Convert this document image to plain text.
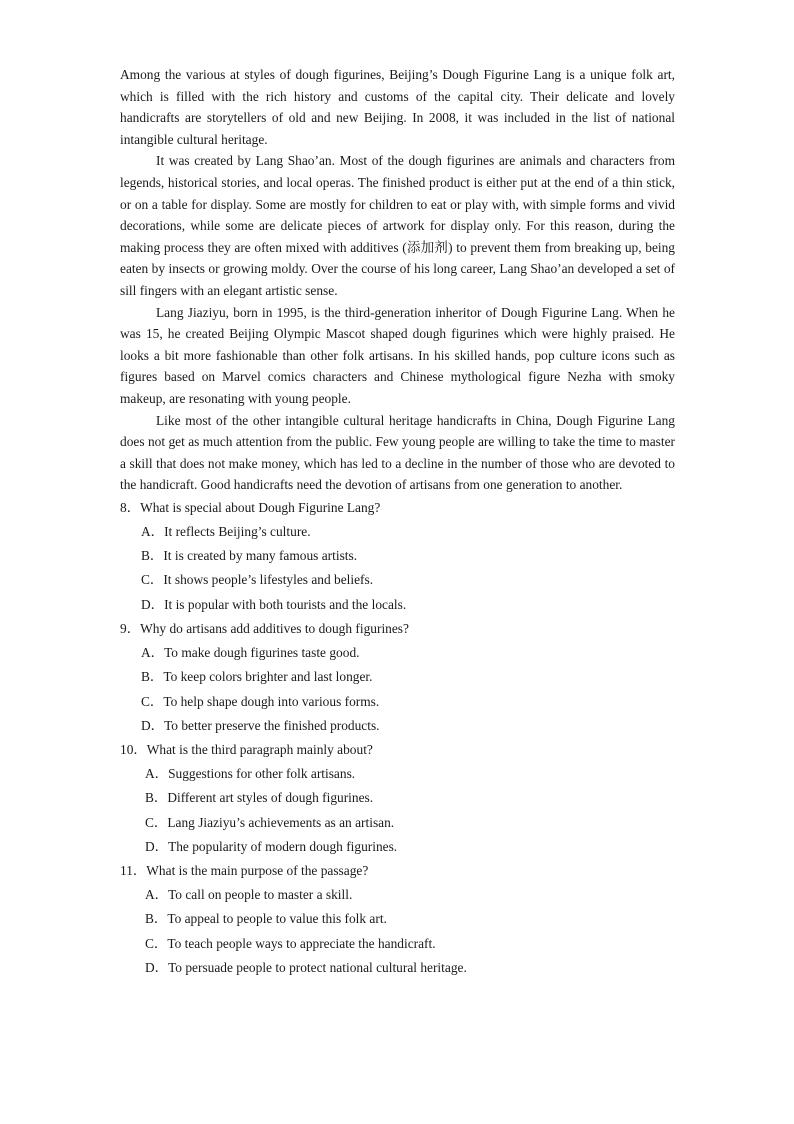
Among the various at styles of dough figurines, Beijing’s Dough Figurine Lang is a unique folk art, which is filled with the rich history and customs of the capital city. Their delicate and lovely handicrafts are storytellers of old and new Beijing. In 2008, it was included in the list of national intangible cultural heritage.

It was created by Lang Shao’an. Most of the dough figurines are animals and characters from legends, historical stories, and local operas. The finished product is either put at the end of a thin stick, or on a table for display. Some are mostly for children to eat or play with, with simple forms and vivid decorations, while some are delicate pieces of artwork for display only. For this reason, during the making process they are often mixed with additives (添加剂) to prevent them from breaking up, being eaten by insects or growing moldy. Over the course of his long career, Lang Shao’an developed a set of sill fingers with an elegant artistic sense.

Lang Jiaziyu, born in 1995, is the third-generation inheritor of Dough Figurine Lang. When he was 15, he created Beijing Olympic Mascot shaped dough figurines which were highly praised. He looks a bit more fashionable than other folk artisans. In his skilled hands, pop culture icons such as figures based on Marvel comics characters and Chinese mythological figure Nezha with smoky makeup, are resonating with young people.

Like most of the other intangible cultural heritage handicrafts in China, Dough Figurine Lang does not get as much attention from the public. Few young people are willing to take the time to master a skill that does not make money, which has led to a decline in the number of those who are devoted to the handicraft. Good handicrafts need the devotion of artisans from one generation to another.

8．What is special about Dough Figurine Lang?

A．It reflects Beijing’s culture.

B．It is created by many famous artists.

C．It shows people’s lifestyles and beliefs.

D．It is popular with both tourists and the locals.

9．Why do artisans add additives to dough figurines?

A．To make dough figurines taste good.

B．To keep colors brighter and last longer.

C．To help shape dough into various forms.

D．To better preserve the finished products.

10．What is the third paragraph mainly about?

A．Suggestions for other folk artisans.

B．Different art styles of dough figurines.

C．Lang Jiaziyu’s achievements as an artisan.

D．The popularity of modern dough figurines.

11．What is the main purpose of the passage?

A．To call on people to master a skill.

B．To appeal to people to value this folk art.

C．To teach people ways to appreciate the handicraft.

D．To persuade people to protect national cultural heritage.
